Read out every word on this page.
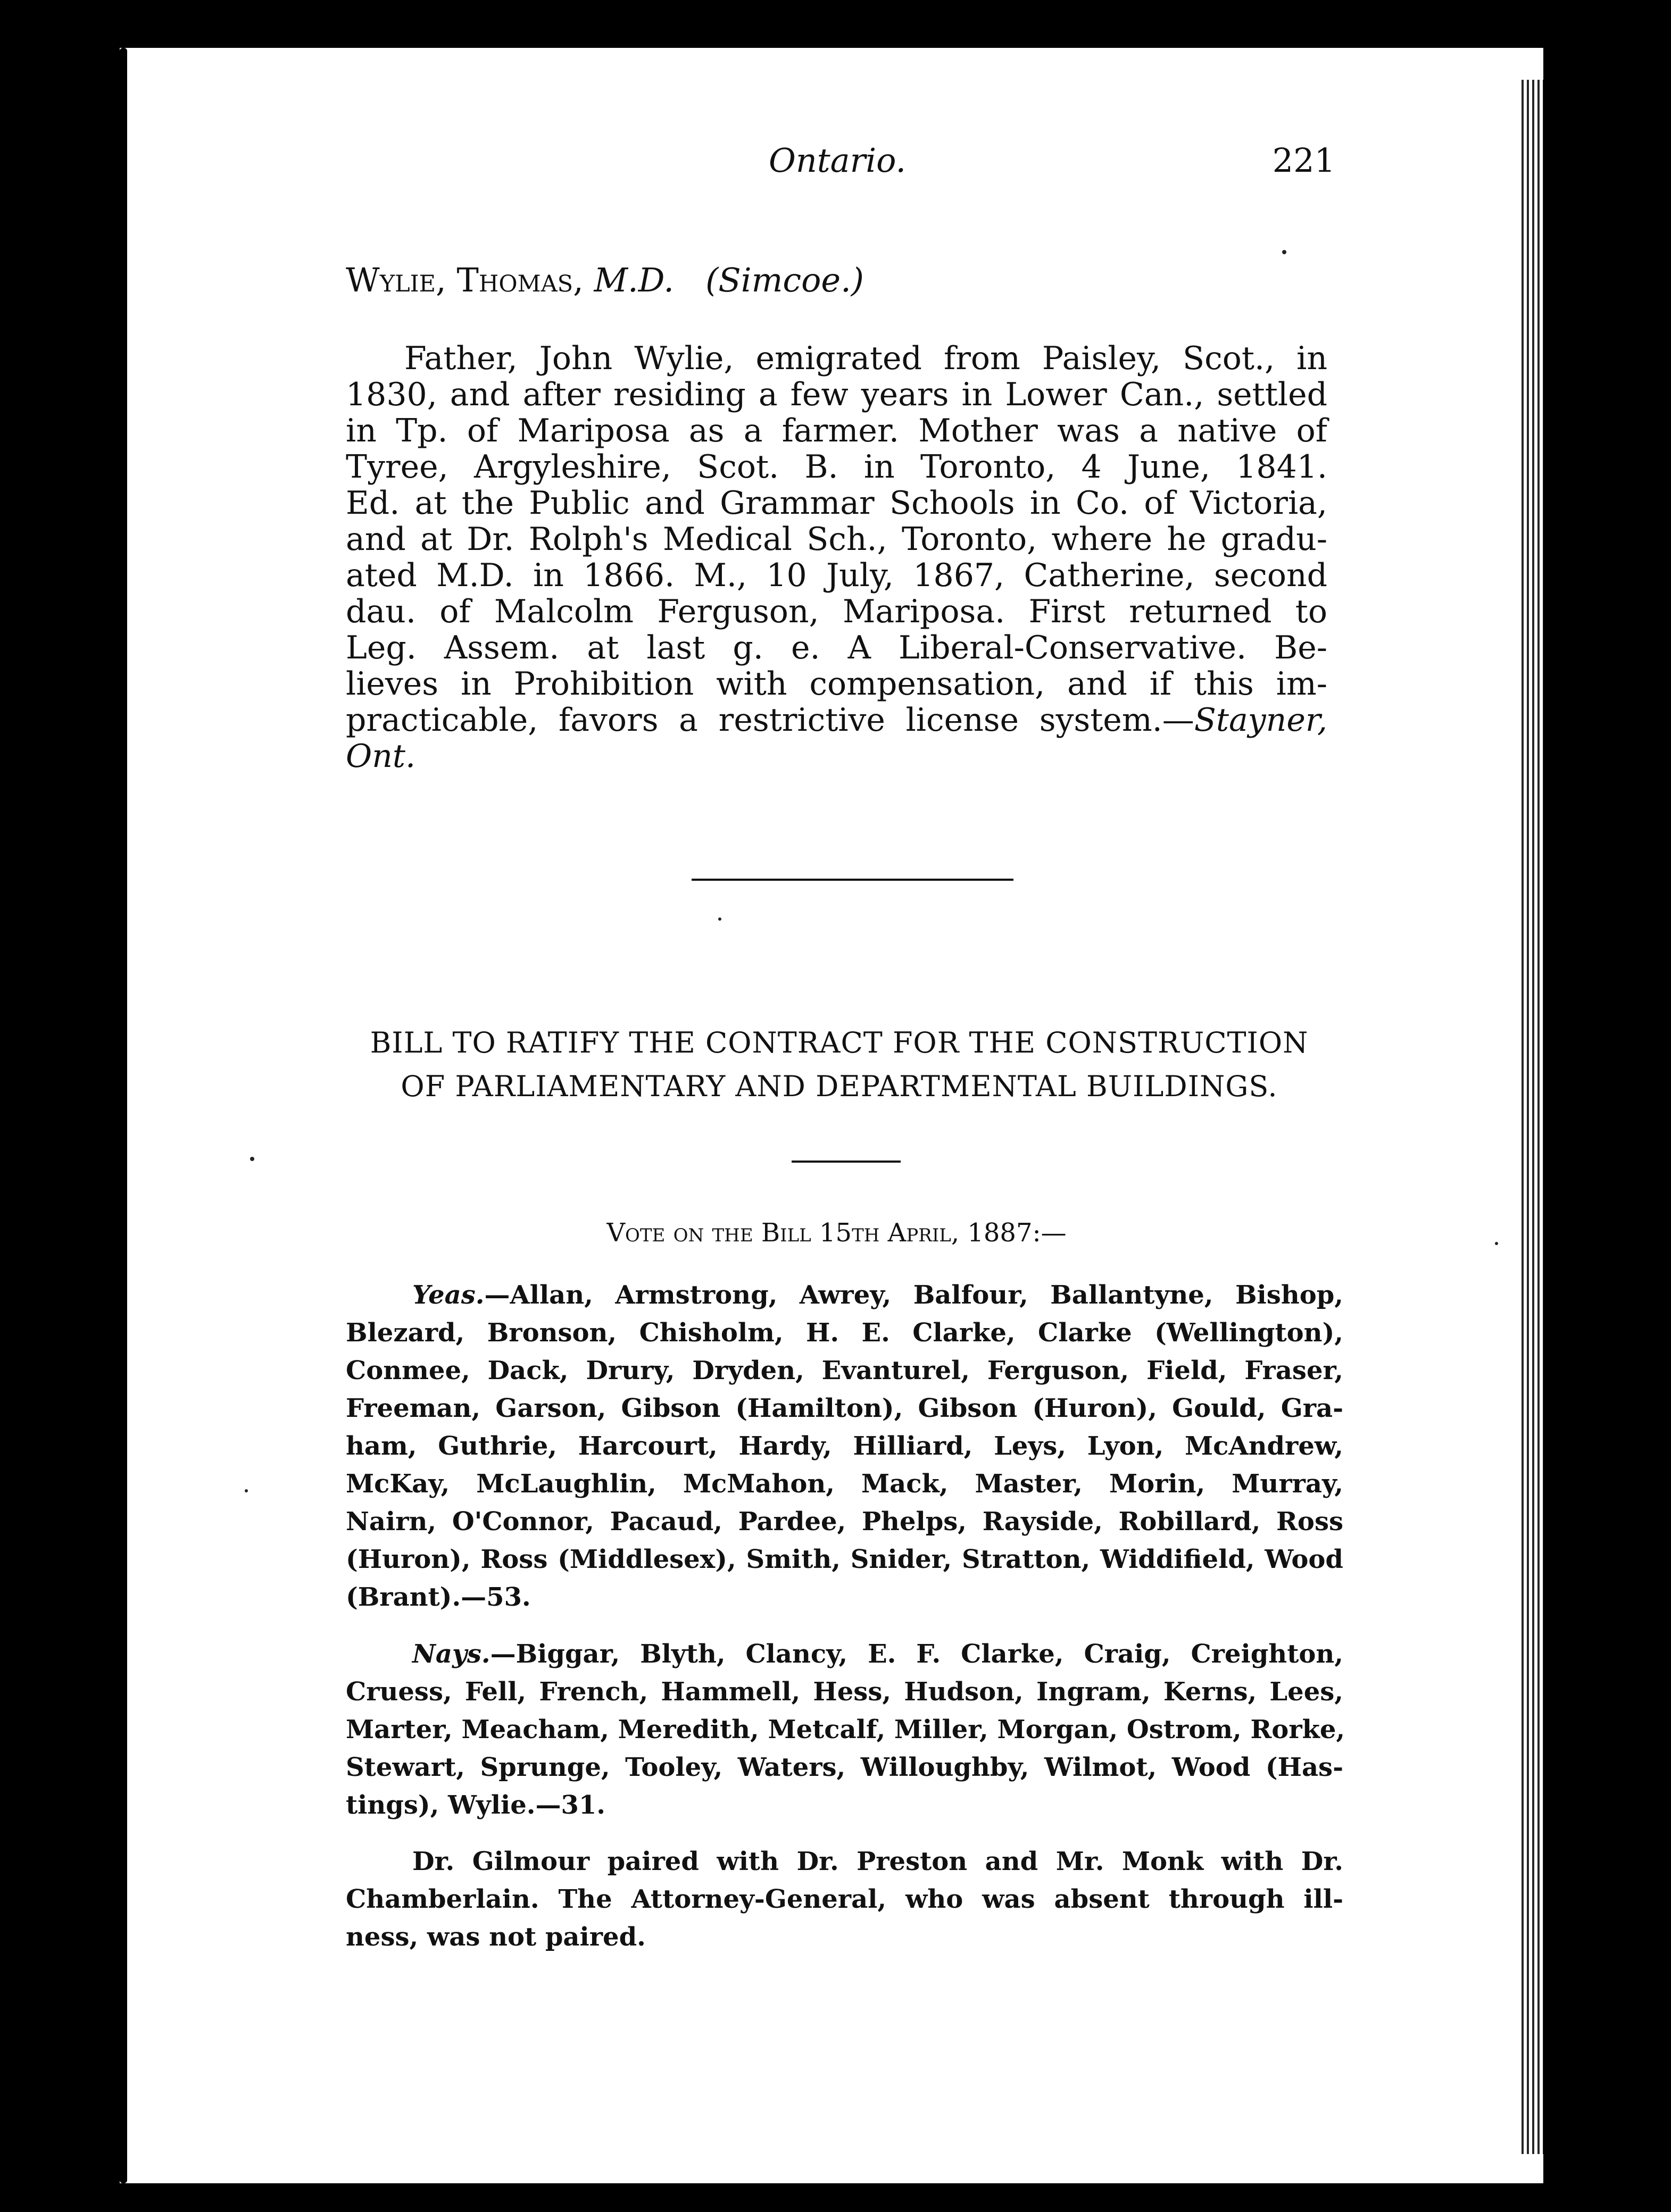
Ontario.	221
Wylie, Thomas, M.D. (Simcoe.)
Father, John Wylie, emigrated from Paisley, Scot., in
1830, and after residing a few years in Lower Can., settled
in Tp. of Mariposa as a farmer. Mother was a native of
Tyree, Argyleshire, Scot. B. in Toronto, 4 June, 1841.
Ed. at the Public and Grammar Schools in Co. of Victoria,
and at Dr. Rolph's Medical Sch., Toronto, where he gradu-
ated M.D. in 1866. M., 10 July, 1867, Catherine, second
dau. of Malcolm Ferguson, Mariposa. First returned to
Leg. Assem. at last g. e. A Liberal-Conservative. Be-
lieves in Prohibition with compensation, and if this im-
practicable, favors a restrictive license system.—Stayner,
Ont.
BILL TO RATIFY THE CONTRACT FOR THE CONSTRUCTION
OF PARLIAMENTARY AND DEPARTMENTAL BUILDINGS.
Vote on the Bill 15th April, 1887:—
Yeas.—Allan, Armstrong, Awrey, Balfour, Ballantyne, Bishop,
Blezard, Bronson, Chisholm, H. E. Clarke, Clarke (Wellington),
Conmee, Dack, Drury, Dryden, Evanturel, Ferguson, Field, Fraser,
Freeman, Garson, Gibson (Hamilton), Gibson (Huron), Gould, Gra-
ham, Guthrie, Harcourt, Hardy, Hilliard, Leys, Lyon, McAndrew,
McKay, McLaughlin, McMahon, Mack, Master, Morin, Murray,
Nairn, O'Connor, Pacaud, Pardee, Phelps, Rayside, Robillard, Ross
(Huron), Ross (Middlesex), Smith, Snider, Stratton, Widdifield, Wood
(Brant).—53.
Nays.—Biggar, Blyth, Clancy, E. F. Clarke, Craig, Creighton,
Cruess, Fell, French, Hammell, Hess, Hudson, Ingram, Kerns, Lees,
Marter, Meacham, Meredith, Metcalf, Miller, Morgan, Ostrom, Rorke,
Stewart, Sprunge, Tooley, Waters, Willoughby, Wilmot, Wood (Has-
tings), Wylie.—31.
Dr. Gilmour paired with Dr. Preston and Mr. Monk with Dr.
Chamberlain. The Attorney-General, who was absent through ill-
ness, was not paired.
